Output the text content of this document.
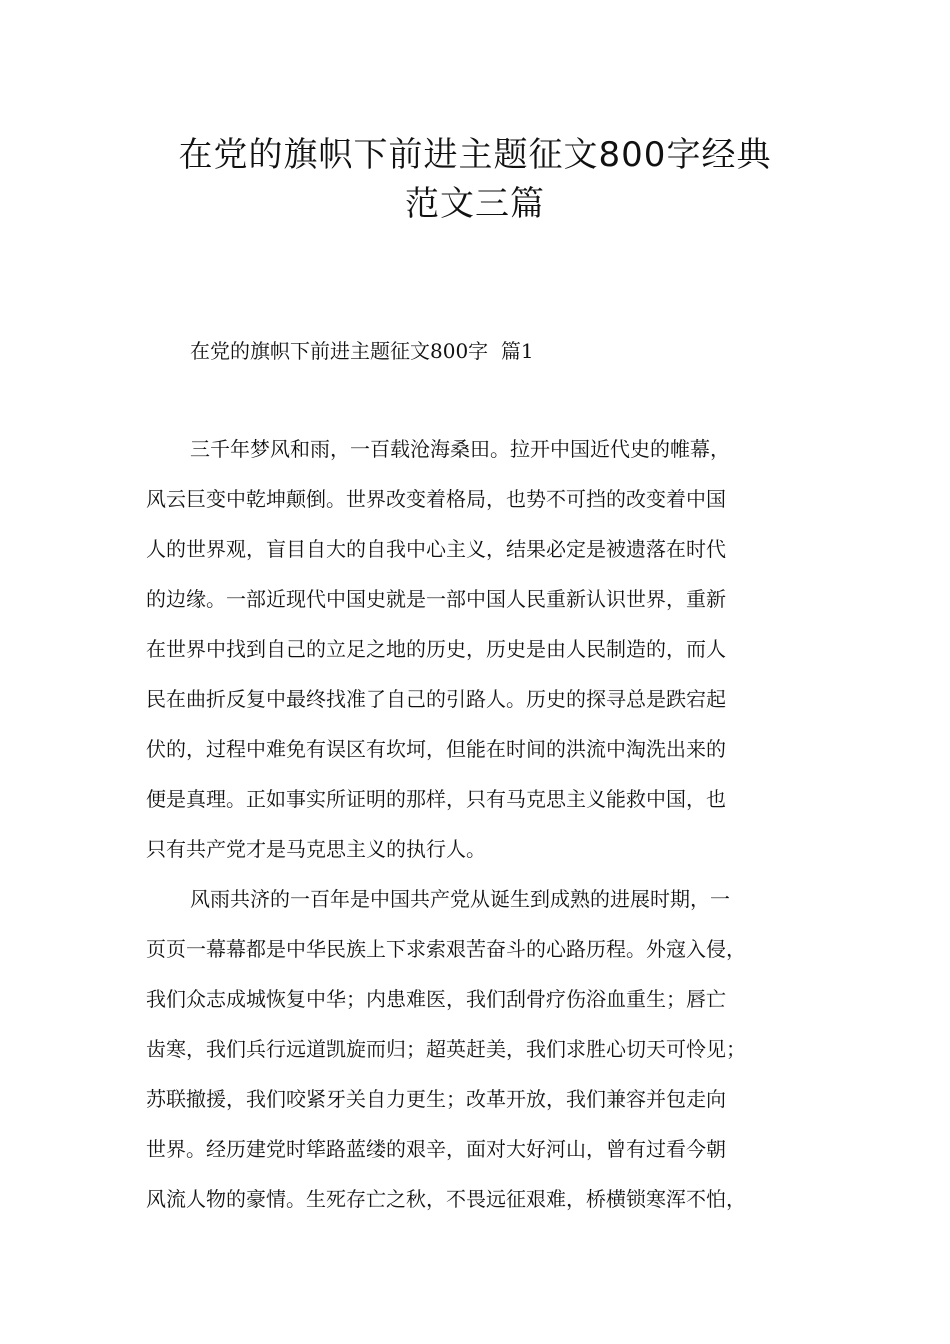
在党的旗帜下前进主题征文800字经典
范文三篇

在党的旗帜下前进主题征文800字  篇1

三千年梦风和雨，一百载沧海桑田。拉开中国近代史的帷幕，

风云巨变中乾坤颠倒。世界改变着格局，也势不可挡的改变着中国

人的世界观，盲目自大的自我中心主义，结果必定是被遗落在时代

的边缘。一部近现代中国史就是一部中国人民重新认识世界，重新

在世界中找到自己的立足之地的历史，历史是由人民制造的，而人

民在曲折反复中最终找准了自己的引路人。历史的探寻总是跌宕起

伏的，过程中难免有误区有坎坷，但能在时间的洪流中淘洗出来的

便是真理。正如事实所证明的那样，只有马克思主义能救中国，也

只有共产党才是马克思主义的执行人。

风雨共济的一百年是中国共产党从诞生到成熟的进展时期，一

页页一幕幕都是中华民族上下求索艰苦奋斗的心路历程。外寇入侵，

我们众志成城恢复中华；内患难医，我们刮骨疗伤浴血重生；唇亡

齿寒，我们兵行远道凯旋而归；超英赶美，我们求胜心切天可怜见；

苏联撤援，我们咬紧牙关自力更生；改革开放，我们兼容并包走向

世界。经历建党时筚路蓝缕的艰辛，面对大好河山，曾有过看今朝

风流人物的豪情。生死存亡之秋，不畏远征艰难，桥横锁寒浑不怕，
